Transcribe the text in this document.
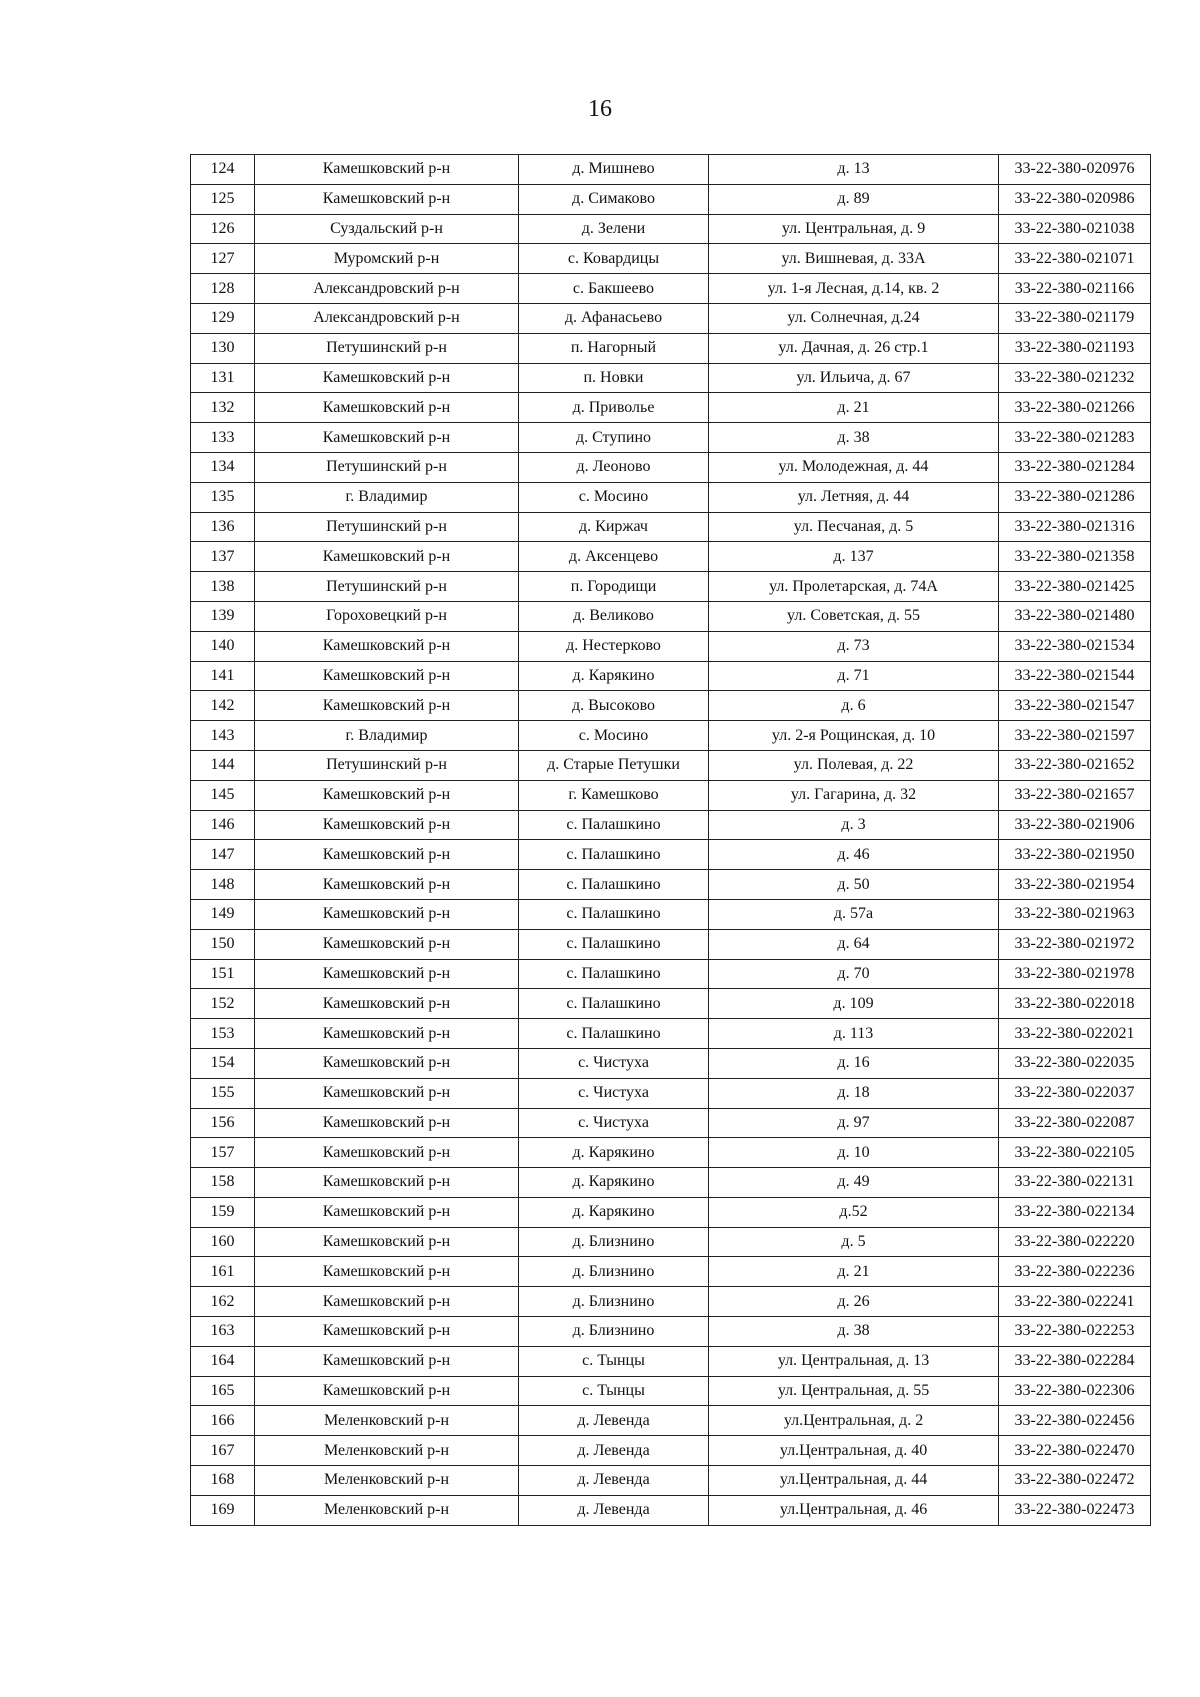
16
124	Камешковский р-н	д. Мишнево	д. 13	33-22-380-020976
125	Камешковский р-н	д. Симаково	д. 89	33-22-380-020986
126	Суздальский р-н	д. Зелени	ул. Центральная, д. 9	33-22-380-021038
127	Муромский р-н	с. Ковардицы	ул. Вишневая, д. 33А	33-22-380-021071
128	Александровский р-н	с. Бакшеево	ул. 1-я Лесная, д.14, кв. 2	33-22-380-021166
129	Александровский р-н	д. Афанасьево	ул. Солнечная, д.24	33-22-380-021179
130	Петушинский р-н	п. Нагорный	ул. Дачная, д. 26 стр.1	33-22-380-021193
131	Камешковский р-н	п. Новки	ул. Ильича, д. 67	33-22-380-021232
132	Камешковский р-н	д. Приволье	д. 21	33-22-380-021266
133	Камешковский р-н	д. Ступино	д. 38	33-22-380-021283
134	Петушинский р-н	д. Леоново	ул. Молодежная, д. 44	33-22-380-021284
135	г. Владимир	с. Мосино	ул. Летняя, д. 44	33-22-380-021286
136	Петушинский р-н	д. Киржач	ул. Песчаная, д. 5	33-22-380-021316
137	Камешковский р-н	д. Аксенцево	д. 137	33-22-380-021358
138	Петушинский р-н	п. Городищи	ул. Пролетарская, д. 74А	33-22-380-021425
139	Гороховецкий р-н	д. Великово	ул. Советская, д. 55	33-22-380-021480
140	Камешковский р-н	д. Нестерково	д. 73	33-22-380-021534
141	Камешковский р-н	д. Карякино	д. 71	33-22-380-021544
142	Камешковский р-н	д. Высоково	д. 6	33-22-380-021547
143	г. Владимир	с. Мосино	ул. 2-я Рощинская, д. 10	33-22-380-021597
144	Петушинский р-н	д. Старые Петушки	ул. Полевая, д. 22	33-22-380-021652
145	Камешковский р-н	г. Камешково	ул. Гагарина, д. 32	33-22-380-021657
146	Камешковский р-н	с. Палашкино	д. 3	33-22-380-021906
147	Камешковский р-н	с. Палашкино	д. 46	33-22-380-021950
148	Камешковский р-н	с. Палашкино	д. 50	33-22-380-021954
149	Камешковский р-н	с. Палашкино	д. 57а	33-22-380-021963
150	Камешковский р-н	с. Палашкино	д. 64	33-22-380-021972
151	Камешковский р-н	с. Палашкино	д. 70	33-22-380-021978
152	Камешковский р-н	с. Палашкино	д. 109	33-22-380-022018
153	Камешковский р-н	с. Палашкино	д. 113	33-22-380-022021
154	Камешковский р-н	с. Чистуха	д. 16	33-22-380-022035
155	Камешковский р-н	с. Чистуха	д. 18	33-22-380-022037
156	Камешковский р-н	с. Чистуха	д. 97	33-22-380-022087
157	Камешковский р-н	д. Карякино	д. 10	33-22-380-022105
158	Камешковский р-н	д. Карякино	д. 49	33-22-380-022131
159	Камешковский р-н	д. Карякино	д.52	33-22-380-022134
160	Камешковский р-н	д. Близнино	д. 5	33-22-380-022220
161	Камешковский р-н	д. Близнино	д. 21	33-22-380-022236
162	Камешковский р-н	д. Близнино	д. 26	33-22-380-022241
163	Камешковский р-н	д. Близнино	д. 38	33-22-380-022253
164	Камешковский р-н	с. Тынцы	ул. Центральная, д. 13	33-22-380-022284
165	Камешковский р-н	с. Тынцы	ул. Центральная, д. 55	33-22-380-022306
166	Меленковский р-н	д. Левенда	ул.Центральная, д. 2	33-22-380-022456
167	Меленковский р-н	д. Левенда	ул.Центральная, д. 40	33-22-380-022470
168	Меленковский р-н	д. Левенда	ул.Центральная, д. 44	33-22-380-022472
169	Меленковский р-н	д. Левенда	ул.Центральная, д. 46	33-22-380-022473
